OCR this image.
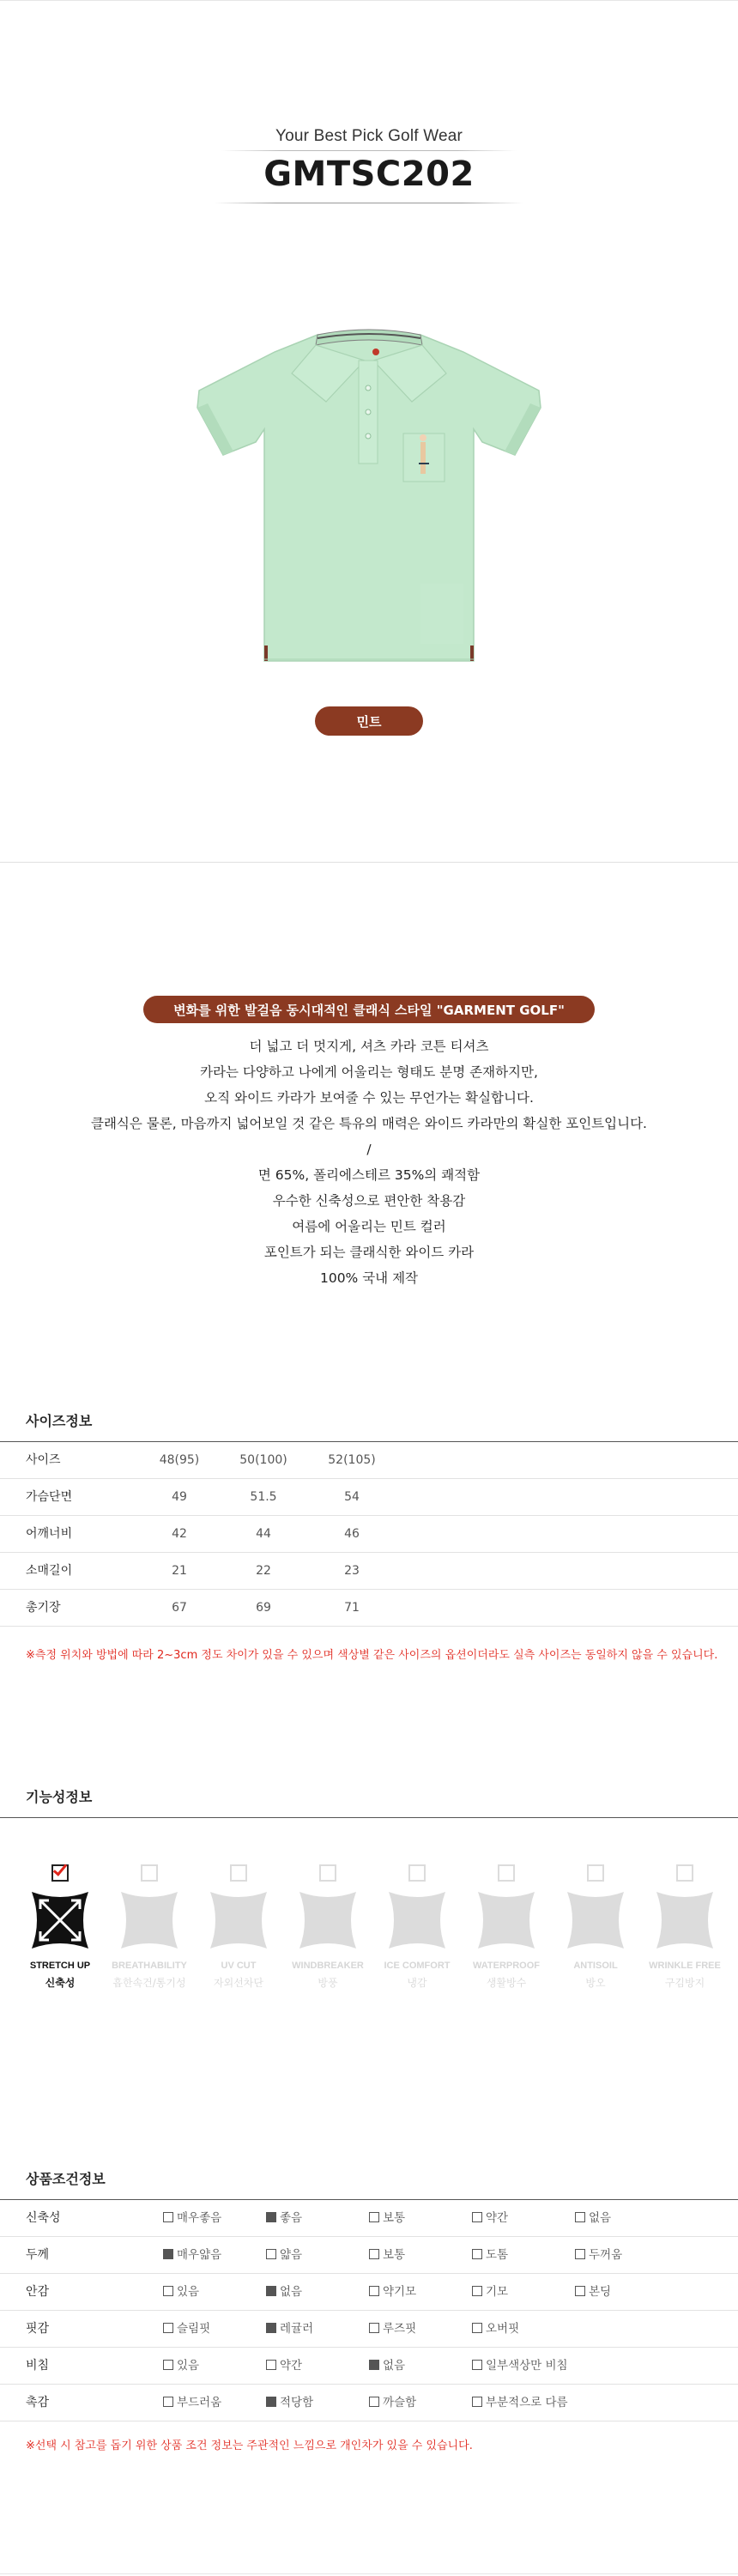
Your Best Pick Golf Wear
GMTSC202
민트
변화를 위한 발걸음 동시대적인 클래식 스타일 "GARMENT GOLF"
더 넓고 더 멋지게, 셔츠 카라 코튼 티셔츠
카라는 다양하고 나에게 어울리는 형태도 분명 존재하지만,
오직 와이드 카라가 보여줄 수 있는 무언가는 확실합니다.
클래식은 물론, 마음까지 넓어보일 것 같은 특유의 매력은 와이드 카라만의 확실한 포인트입니다.
/
면 65%, 폴리에스테르 35%의 쾌적함
우수한 신축성으로 편안한 착용감
여름에 어울리는 민트 컬러
포인트가 되는 클래식한 와이드 카라
100% 국내 제작
사이즈정보
사이즈	48(95)	50(100)	52(105)
가슴단면	49	51.5	54
어깨너비	42	44	46
소매길이	21	22	23
총기장	67	69	71
※측정 위치와 방법에 따라 2~3cm 정도 차이가 있을 수 있으며 색상별 같은 사이즈의 옵션이더라도 실측 사이즈는 동일하지 않을 수 있습니다.
기능성정보
STRETCH UP
신축성
BREATHABILITY
흡한속건/통기성
UV CUT
자외선차단
WINDBREAKER
방풍
ICE COMFORT
냉감
WATERPROOF
생활방수
ANTISOIL
방오
WRINKLE FREE
구김방지
상품조건정보
신축성	매우좋음	좋음	보통	약간	없음
두께	매우얇음	얇음	보통	도톰	두꺼움
안감	있음	없음	약기모	기모	본딩
핏감	슬림핏	레귤러	루즈핏	오버핏
비침	있음	약간	없음	일부색상만 비침
촉감	부드러움	적당함	까슬함	부분적으로 다름
※선택 시 참고를 돕기 위한 상품 조건 정보는 주관적인 느낌으로 개인차가 있을 수 있습니다.
